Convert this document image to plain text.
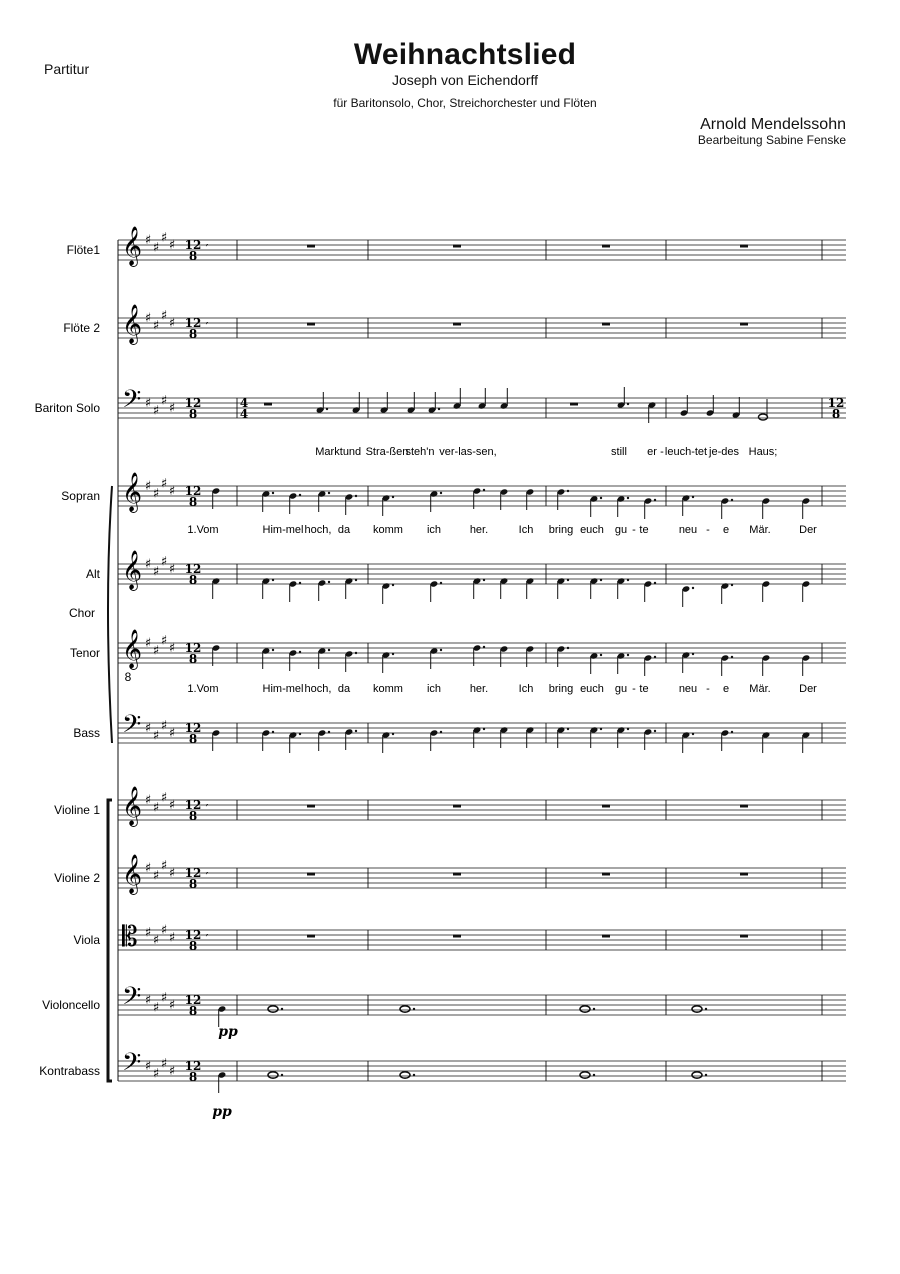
Partitur	Weihnachtslied
Joseph von Eichendorff
für Baritonsolo, Chor, Streichorchester und Flöten
Arnold Mendelssohn
Bearbeitung Sabine Fenske
Flöte1 𝄞 ♯ ♯
♯ ♯ 12
8
Flöte 2 𝄞 ♯ ♯
♯ ♯ 12
8
Bariton Solo 𝄢 ♯ ♯
♯ ♯ 12
8
Sopran 𝄞 ♯ ♯
♯ ♯ 12
8
Alt 𝄞 ♯ ♯
♯ ♯ 12
8
Tenor 𝄞 ♯ ♯
♯ ♯ 12
8
8
Bass 𝄢 ♯ ♯
♯ ♯ 12
8
Violine 1 𝄞 ♯ ♯
♯ ♯ 12
8
Violine 2 𝄞 ♯ ♯
♯ ♯ 12
8
Viola 𝄡 ♯ ♯
♯ ♯ 12
8
Violoncello 𝄢 ♯ ♯
♯ ♯ 12
8
Kontrabass 𝄢 ♯ ♯
♯ ♯ 12
8
Chor
′
′
′
′
′
4
4
12
8
pp
pp
Markt und Stra-ßen
steh'n ver-las-sen,	still er - leuch-tet je-des Haus;
1.Vom	Him-mel hoch, da komm ich	her.	Ich bring euch gu - te	neu - e Mär.	Der
1.Vom	Him-mel hoch, da komm ich	her.	Ich bring euch gu - te	neu - e Mär.	Der
